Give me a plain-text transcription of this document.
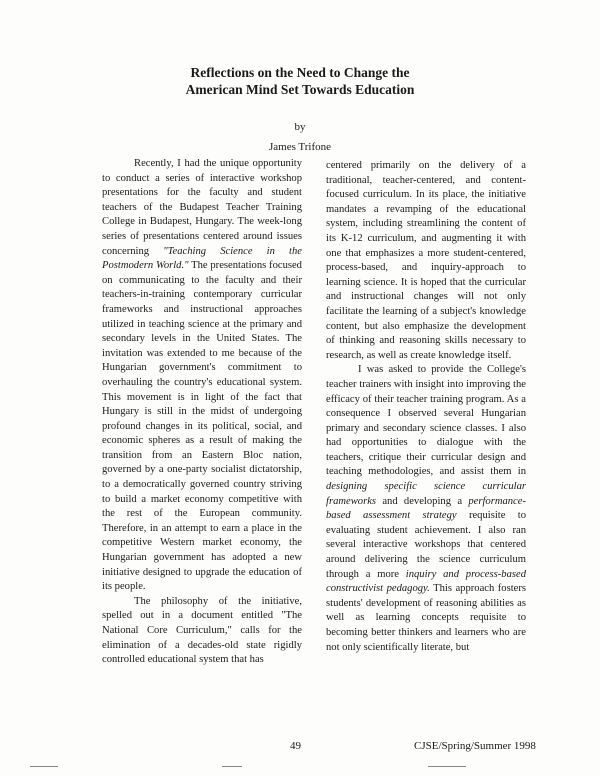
Reflections on the Need to Change the
American Mind Set Towards Education
by
James Trifone

Recently, I had the unique opportunity to conduct a series of interactive workshop presentations for the faculty and student teachers of the Budapest Teacher Training College in Budapest, Hungary. The week-long series of presentations centered around issues concerning "Teaching Science in the Postmodern World." The presentations focused on communicating to the faculty and their teachers-in-training contemporary curricular frameworks and instructional approaches utilized in teaching science at the primary and secondary levels in the United States. The invitation was extended to me because of the Hungarian government's commitment to overhauling the country's educational system. This movement is in light of the fact that Hungary is still in the midst of undergoing profound changes in its political, social, and economic spheres as a result of making the transition from an Eastern Bloc nation, governed by a one-party socialist dictatorship, to a democratically governed country striving to build a market economy competitive with the rest of the European community. Therefore, in an attempt to earn a place in the competitive Western market economy, the Hungarian government has adopted a new initiative designed to upgrade the education of its people.

The philosophy of the initiative, spelled out in a document entitled "The National Core Curriculum," calls for the elimination of a decades-old state rigidly controlled educational system that has

centered primarily on the delivery of a traditional, teacher-centered, and content-focused curriculum. In its place, the initiative mandates a revamping of the educational system, including streamlining the content of its K-12 curriculum, and augmenting it with one that emphasizes a more student-centered, process-based, and inquiry-approach to learning science. It is hoped that the curricular and instructional changes will not only facilitate the learning of a subject's knowledge content, but also emphasize the development of thinking and reasoning skills necessary to research, as well as create knowledge itself.

I was asked to provide the College's teacher trainers with insight into improving the efficacy of their teacher training program. As a consequence I observed several Hungarian primary and secondary science classes. I also had opportunities to dialogue with the teachers, critique their curricular design and teaching methodologies, and assist them in designing specific science curricular frameworks and developing a performance-based assessment strategy requisite to evaluating student achievement. I also ran several interactive workshops that centered around delivering the science curriculum through a more inquiry and process-based constructivist pedagogy. This approach fosters students' development of reasoning abilities as well as learning concepts requisite to becoming better thinkers and learners who are not only scientifically literate, but

49	CJSE/Spring/Summer 1998
